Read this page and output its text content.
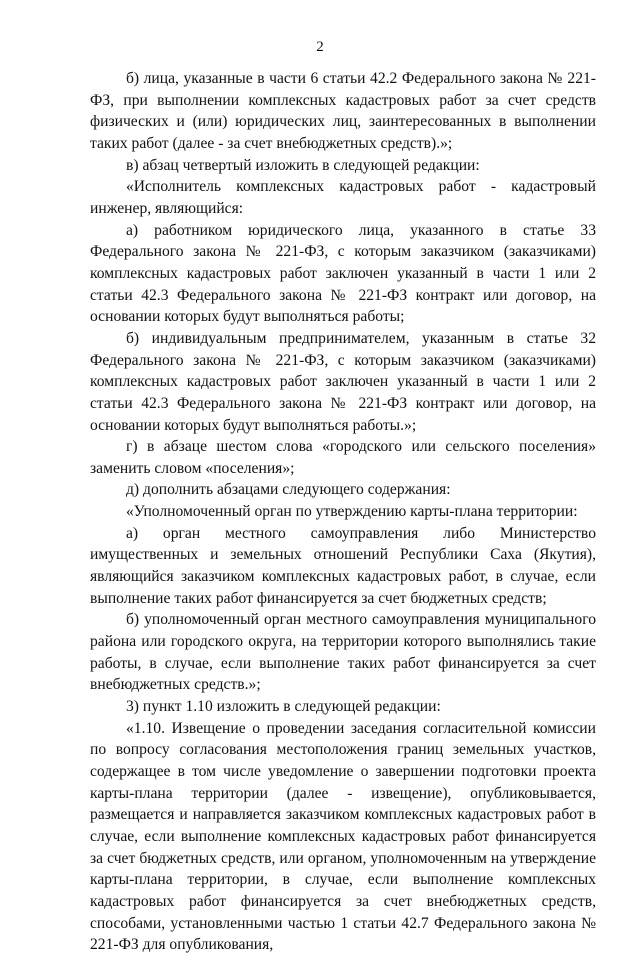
2

б) лица, указанные в части 6 статьи 42.2 Федерального закона № 221-ФЗ, при выполнении комплексных кадастровых работ за счет средств физических и (или) юридических лиц, заинтересованных в выполнении таких работ (далее - за счет внебюджетных средств).»;

в) абзац четвертый изложить в следующей редакции:

«Исполнитель комплексных кадастровых работ - кадастровый инженер, являющийся:

а) работником юридического лица, указанного в статье 33 Федерального закона № 221-ФЗ, с которым заказчиком (заказчиками) комплексных кадастровых работ заключен указанный в части 1 или 2 статьи 42.3 Федерального закона № 221-ФЗ контракт или договор, на основании которых будут выполняться работы;

б) индивидуальным предпринимателем, указанным в статье 32 Федерального закона № 221-ФЗ, с которым заказчиком (заказчиками) комплексных кадастровых работ заключен указанный в части 1 или 2 статьи 42.3 Федерального закона № 221-ФЗ контракт или договор, на основании которых будут выполняться работы.»;

г) в абзаце шестом слова «городского или сельского поселения» заменить словом «поселения»;

д) дополнить абзацами следующего содержания:

«Уполномоченный орган по утверждению карты-плана территории:

а) орган местного самоуправления либо Министерство имущественных и земельных отношений Республики Саха (Якутия), являющийся заказчиком комплексных кадастровых работ, в случае, если выполнение таких работ финансируется за счет бюджетных средств;

б) уполномоченный орган местного самоуправления муниципального района или городского округа, на территории которого выполнялись такие работы, в случае, если выполнение таких работ финансируется за счет внебюджетных средств.»;

3) пункт 1.10 изложить в следующей редакции:

«1.10. Извещение о проведении заседания согласительной комиссии по вопросу согласования местоположения границ земельных участков, содержащее в том числе уведомление о завершении подготовки проекта карты-плана территории (далее - извещение), опубликовывается, размещается и направляется заказчиком комплексных кадастровых работ в случае, если выполнение комплексных кадастровых работ финансируется за счет бюджетных средств, или органом, уполномоченным на утверждение карты-плана территории, в случае, если выполнение комплексных кадастровых работ финансируется за счет внебюджетных средств, способами, установленными частью 1 статьи 42.7 Федерального закона № 221-ФЗ для опубликования,
